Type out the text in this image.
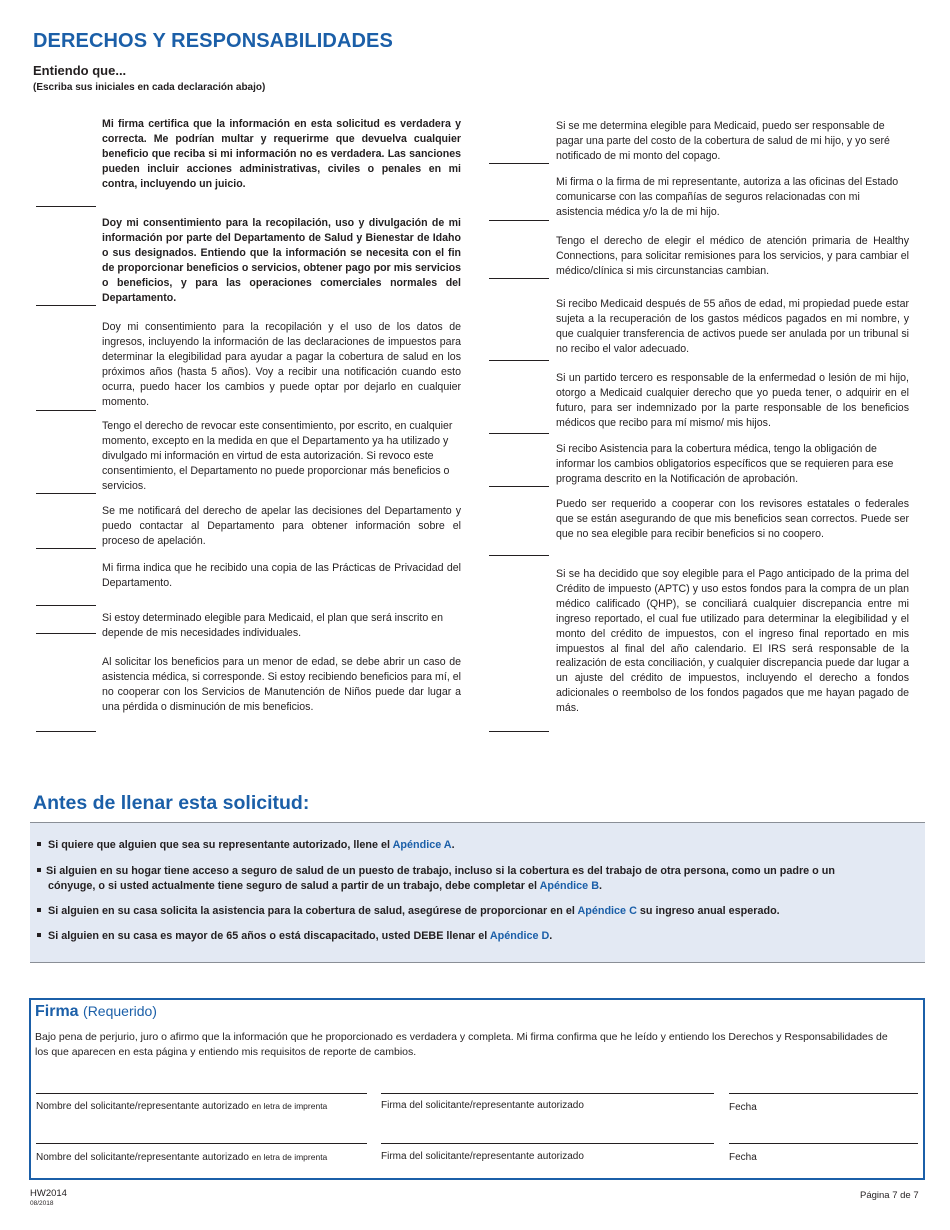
DERECHOS Y RESPONSABILIDADES
Entiendo que...
(Escriba sus iniciales en cada declaración abajo)
Mi firma certifica que la información en esta solicitud es verdadera y correcta. Me podrían multar y requerirme que devuelva cualquier beneficio que reciba si mi información no es verdadera. Las sanciones pueden incluir acciones administrativas, civiles o penales en mi contra, incluyendo un juicio.
Doy mi consentimiento para la recopilación, uso y divulgación de mi información por parte del Departamento de Salud y Bienestar de Idaho o sus designados. Entiendo que la información se necesita con el fin de proporcionar beneficios o servicios, obtener pago por mis servicios o beneficios, y para las operaciones comerciales normales del Departamento.
Doy mi consentimiento para la recopilación y el uso de los datos de ingresos, incluyendo la información de las declaraciones de impuestos para determinar la elegibilidad para ayudar a pagar la cobertura de salud en los próximos años (hasta 5 años). Voy a recibir una notificación cuando esto ocurra, puedo hacer los cambios y puede optar por dejarlo en cualquier momento.
Tengo el derecho de revocar este consentimiento, por escrito, en cualquier momento, excepto en la medida en que el Departamento ya ha utilizado y divulgado mi información en virtud de esta autorización. Si revoco este consentimiento, el Departamento no puede proporcionar más beneficios o servicios.
Se me notificará del derecho de apelar las decisiones del Departamento y puedo contactar al Departamento para obtener información sobre el proceso de apelación.
Mi firma indica que he recibido una copia de las Prácticas de Privacidad del Departamento.
Si estoy determinado elegible para Medicaid, el plan que será inscrito en depende de mis necesidades individuales.
Al solicitar los beneficios para un menor de edad, se debe abrir un caso de asistencia médica, si corresponde. Si estoy recibiendo beneficios para mí, el no cooperar con los Servicios de Manutención de Niños puede dar lugar a una pérdida o disminución de mis beneficios.
Si se me determina elegible para Medicaid, puedo ser responsable de pagar una parte del costo de la cobertura de salud de mi hijo, y yo seré notificado de mi monto del copago.
Mi firma o la firma de mi representante, autoriza a las oficinas del Estado comunicarse con las compañías de seguros relacionadas con mi asistencia médica y/o la de mi hijo.
Tengo el derecho de elegir el médico de atención primaria de Healthy Connections, para solicitar remisiones para los servicios, y para cambiar el médico/clínica si mis circunstancias cambian.
Si recibo Medicaid después de 55 años de edad, mi propiedad puede estar sujeta a la recuperación de los gastos médicos pagados en mi nombre, y que cualquier transferencia de activos puede ser anulada por un tribunal si no recibo el valor adecuado.
Si un partido tercero es responsable de la enfermedad o lesión de mi hijo, otorgo a Medicaid cualquier derecho que yo pueda tener, o adquirir en el futuro, para ser indemnizado por la parte responsable de los beneficios médicos que recibo para mí mismo/ mis hijos.
Si recibo Asistencia para la cobertura médica, tengo la obligación de informar los cambios obligatorios específicos que se requieren para ese programa descrito en la Notificación de aprobación.
Puedo ser requerido a cooperar con los revisores estatales o federales que se están asegurando de que mis beneficios sean correctos. Puede ser que no sea elegible para recibir beneficios si no coopero.
Si se ha decidido que soy elegible para el Pago anticipado de la prima del Crédito de impuesto (APTC) y uso estos fondos para la compra de un plan médico calificado (QHP), se conciliará cualquier discrepancia entre mi ingreso reportado, el cual fue utilizado para determinar la elegibilidad y el monto del crédito de impuestos, con el ingreso final reportado en mis impuestos al final del año calendario. El IRS será responsable de la realización de esta conciliación, y cualquier discrepancia puede dar lugar a un ajuste del crédito de impuestos, incluyendo el derecho a fondos adicionales o reembolso de los fondos pagados que me hayan pagado de más.
Antes de llenar esta solicitud:
Si quiere que alguien que sea su representante autorizado, llene el Apéndice A.
Si alguien en su hogar tiene acceso a seguro de salud de un puesto de trabajo, incluso si la cobertura es del trabajo de otra persona, como un padre o un cónyuge, o si usted actualmente tiene seguro de salud a partir de un trabajo, debe completar el Apéndice B.
Si alguien en su casa solicita la asistencia para la cobertura de salud, asegúrese de proporcionar en el Apéndice C su ingreso anual esperado.
Si alguien en su casa es mayor de 65 años o está discapacitado, usted DEBE llenar el Apéndice D.
Firma (Requerido)
Bajo pena de perjurio, juro o afirmo que la información que he proporcionado es verdadera y completa. Mi firma confirma que he leído y entiendo los Derechos y Responsabilidades de los que aparecen en esta página y entiendo mis requisitos de reporte de cambios.
Nombre del solicitante/representante autorizado en letra de imprenta	Firma del solicitante/representante autorizado	Fecha
Nombre del solicitante/representante autorizado en letra de imprenta	Firma del solicitante/representante autorizado	Fecha
HW2014
08/2018
Página 7 de 7
